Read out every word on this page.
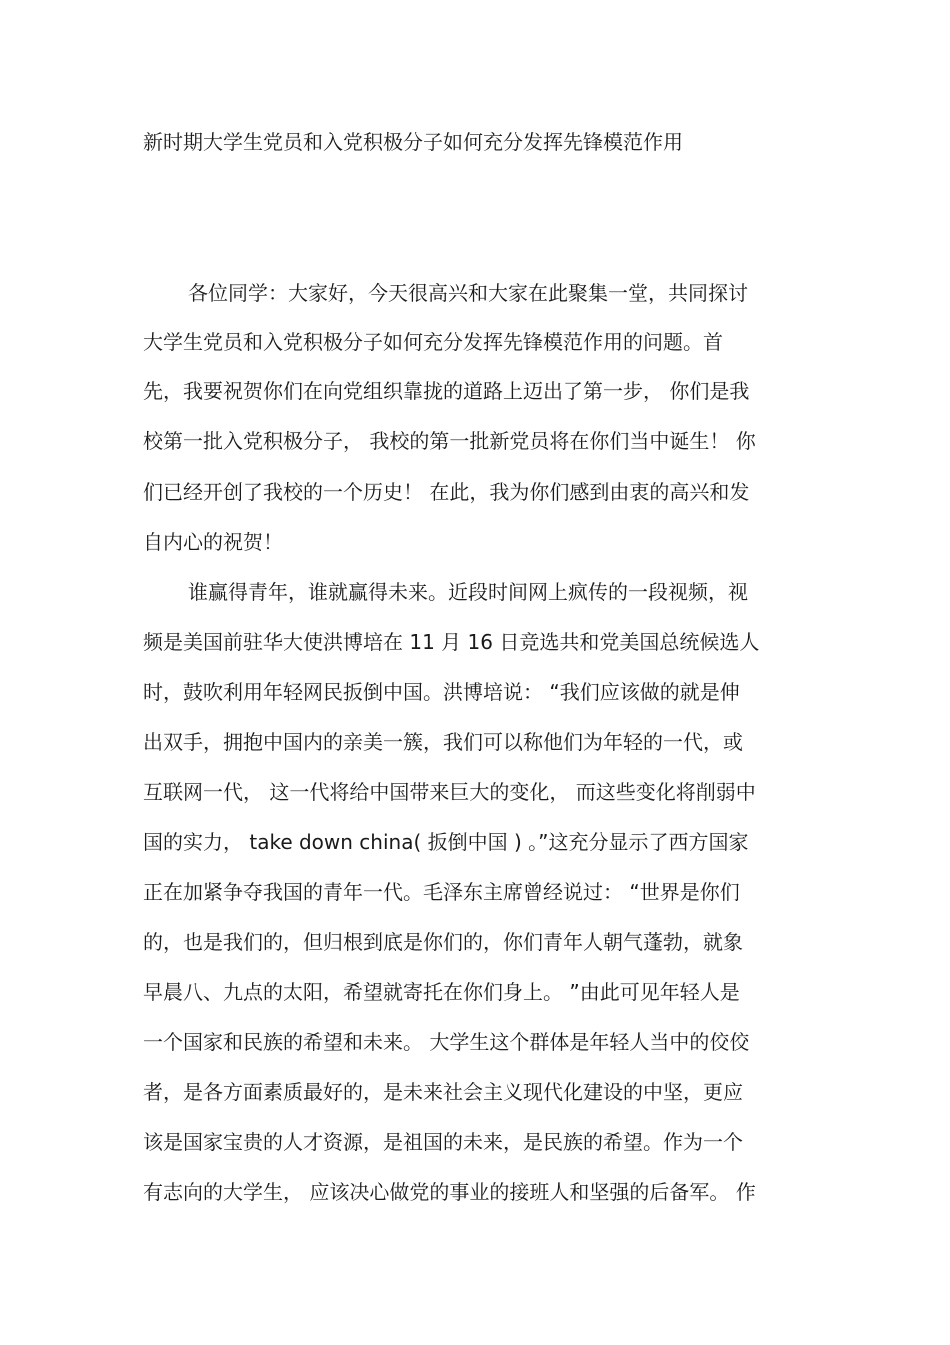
新时期大学生党员和入党积极分子如何充分发挥先锋模范作用
各位同学：大家好，今天很高兴和大家在此聚集一堂，共同探讨
大学生党员和入党积极分子如何充分发挥先锋模范作用的问题。首
先，我要祝贺你们在向党组织靠拢的道路上迈出了第一步， 你们是我
校第一批入党积极分子， 我校的第一批新党员将在你们当中诞生！ 你
们已经开创了我校的一个历史！ 在此，我为你们感到由衷的高兴和发
自内心的祝贺！
谁赢得青年，谁就赢得未来。近段时间网上疯传的一段视频，视
频是美国前驻华大使洪博培在 11 月 16 日竞选共和党美国总统候选人
时，鼓吹利用年轻网民扳倒中国。洪博培说： “我们应该做的就是伸
出双手，拥抱中国内的亲美一簇，我们可以称他们为年轻的一代，或
互联网一代， 这一代将给中国带来巨大的变化， 而这些变化将削弱中
国的实力， take down china( 扳倒中国 ) 。”这充分显示了西方国家
正在加紧争夺我国的青年一代。毛泽东主席曾经说过： “世界是你们
的，也是我们的，但归根到底是你们的，你们青年人朝气蓬勃，就象
早晨八、九点的太阳，希望就寄托在你们身上。 ”由此可见年轻人是
一个国家和民族的希望和未来。 大学生这个群体是年轻人当中的佼佼
者，是各方面素质最好的，是未来社会主义现代化建设的中坚，更应
该是国家宝贵的人才资源，是祖国的未来，是民族的希望。作为一个
有志向的大学生， 应该决心做党的事业的接班人和坚强的后备军。 作
